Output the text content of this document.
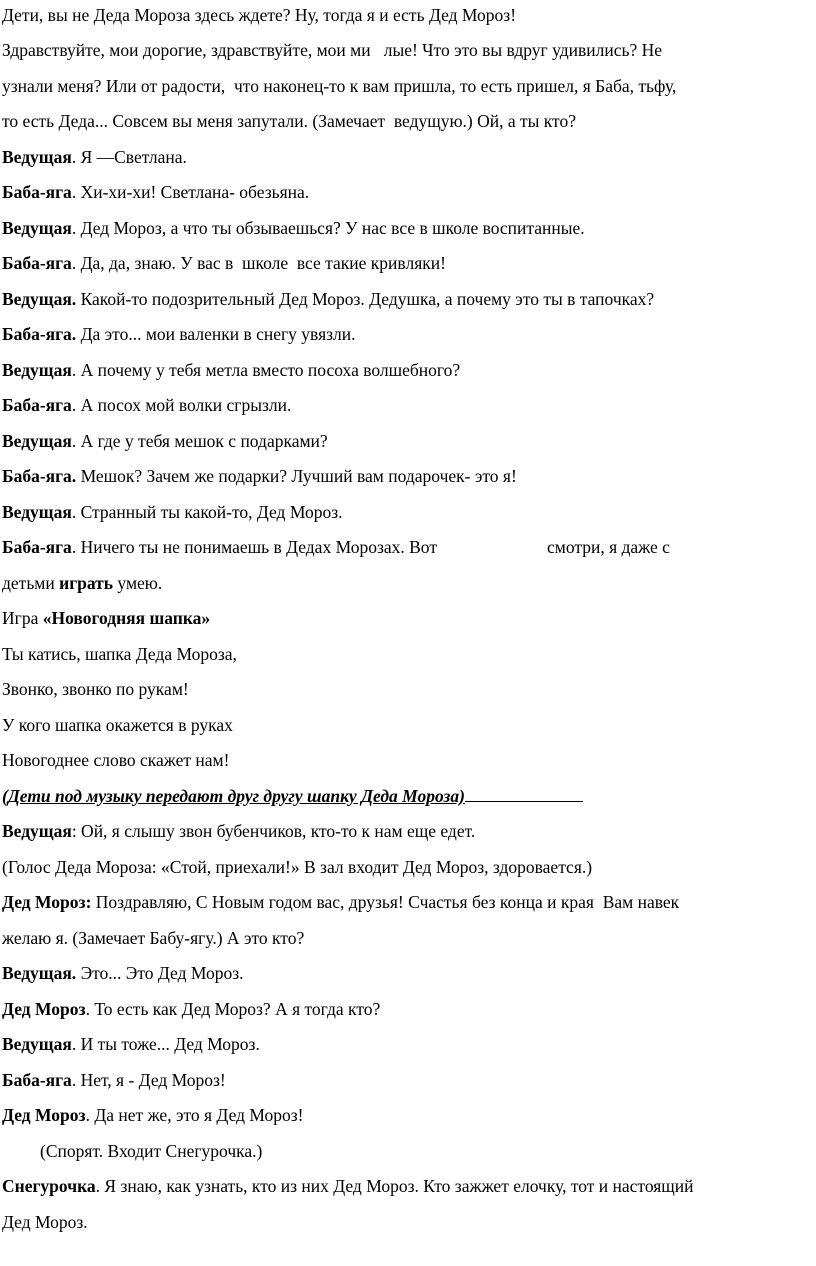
Дети, вы не Деда Мороза здесь ждете? Ну, тогда я и есть Дед Мороз!
Здравствуйте, мои дорогие, здравствуйте, мои ми   лые! Что это вы вдруг удивились? Не
узнали меня? Или от радости,  что наконец-то к вам пришла, то есть пришел, я Баба, тьфу,
то есть Деда... Совсем вы меня запутали. (Замечает  ведущую.) Ой, а ты кто?
Ведущая. Я —Светлана.
Баба-яга. Хи-хи-хи! Светлана- обезьяна.
Ведущая. Дед Мороз, а что ты обзываешься? У нас все в школе воспитанные.
Баба-яга. Да, да, знаю. У вас в  школе  все такие кривляки!
Ведущая. Какой-то подозрительный Дед Мороз. Дедушка, а почему это ты в тапочках?
Баба-яга. Да это... мои валенки в снегу увязли.
Ведущая. А почему у тебя метла вместо посоха волшебного?
Баба-яга. А посох мой волки сгрызли.
Ведущая. А где у тебя мешок с подарками?
Баба-яга. Мешок? Зачем же подарки? Лучший вам подарочек- это я!
Ведущая. Странный ты какой-то, Дед Мороз.
Баба-яга. Ничего ты не понимаешь в Дедах Морозах. Вот	смотри, я даже с
детьми играть умею.
Игра «Новогодняя шапка»
Ты катись, шапка Деда Мороза,
Звонко, звонко по рукам!
У кого шапка окажется в руках
Новогоднее слово скажет нам!
(Дети под музыку передают друг другу шапку Деда Мороза)
Ведущая: Ой, я слышу звон бубенчиков, кто-то к нам еще едет.
(Голос Деда Мороза: «Стой, приехали!» В зал входит Дед Мороз, здоровается.)
Дед Мороз: Поздравляю, С Новым годом вас, друзья! Счастья без конца и края  Вам навек
желаю я. (Замечает Бабу-ягу.) А это кто?
Ведущая. Это... Это Дед Мороз.
Дед Мороз. То есть как Дед Мороз? А я тогда кто?
Ведущая. И ты тоже... Дед Мороз.
Баба-яга. Нет, я - Дед Мороз!
Дед Мороз. Да нет же, это я Дед Мороз!
(Спорят. Входит Снегурочка.)
Снегурочка. Я знаю, как узнать, кто из них Дед Мороз. Кто зажжет елочку, тот и настоящий
Дед Мороз.
